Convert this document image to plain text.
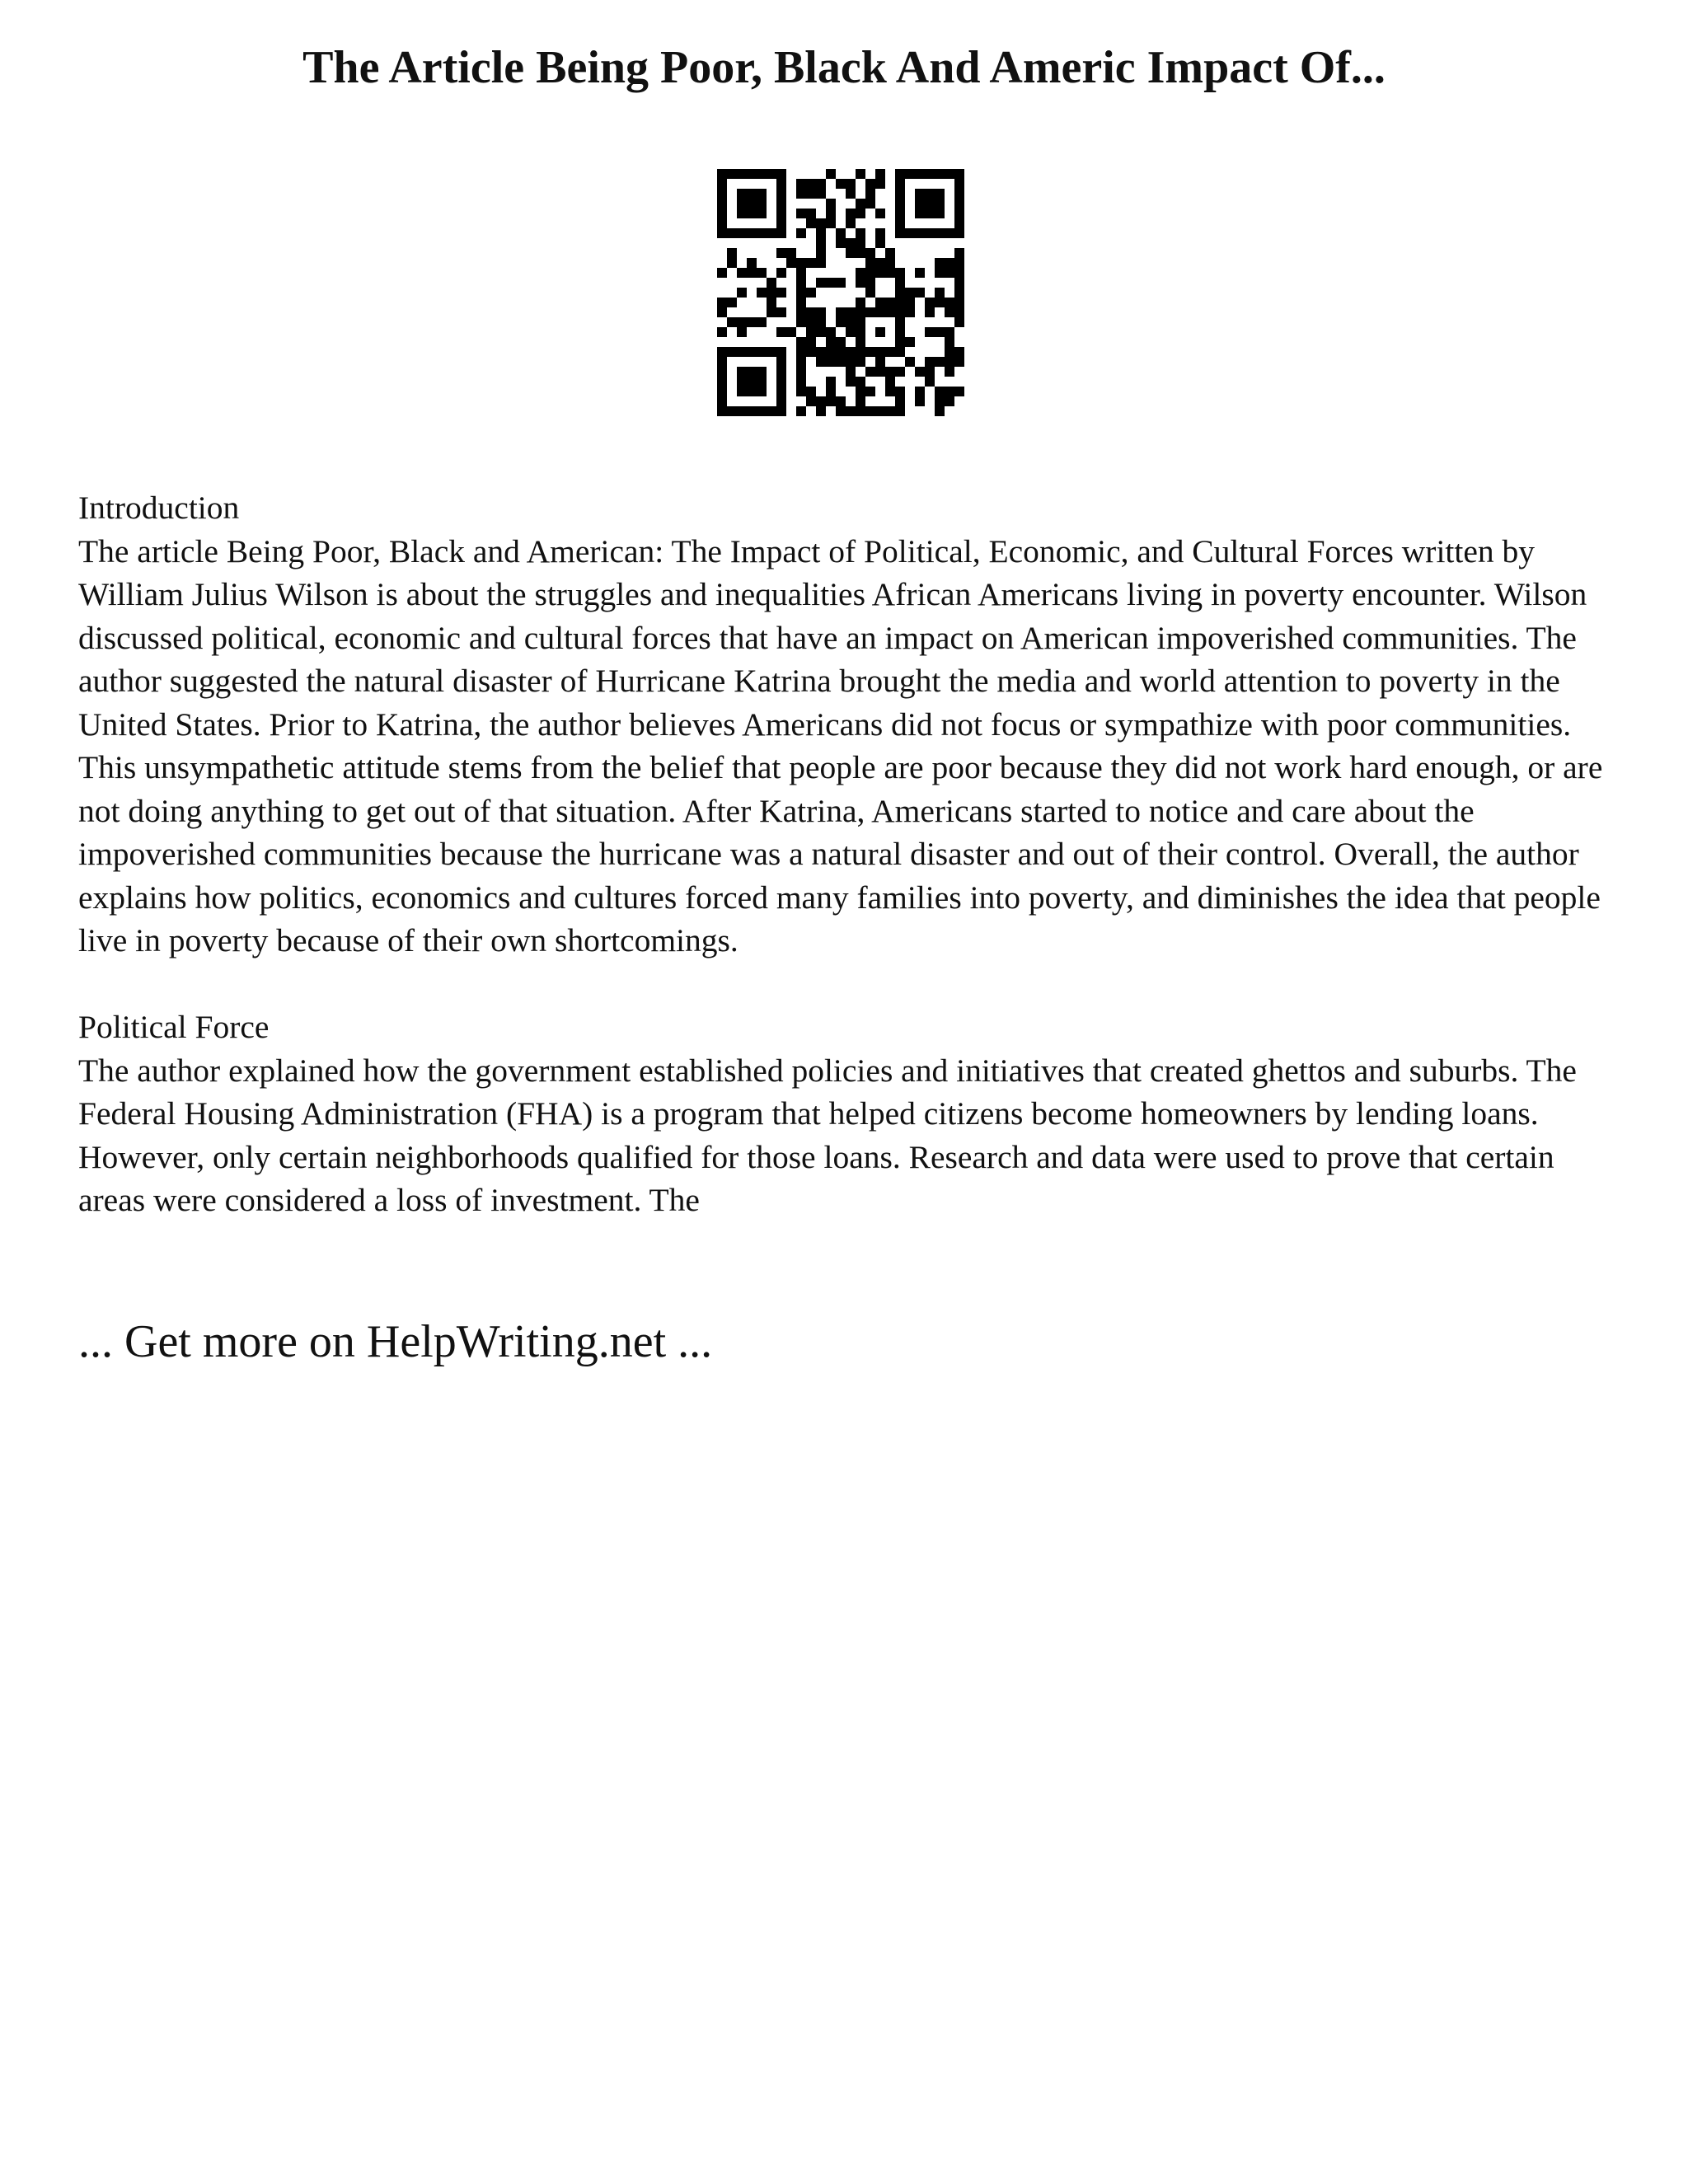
The Article Being Poor, Black And Americ Impact Of...
Introduction

The article Being Poor, Black and American: The Impact of Political, Economic, and Cultural Forces written by William Julius Wilson is about the struggles and inequalities African Americans living in poverty encounter. Wilson discussed political, economic and cultural forces that have an impact on American impoverished communities. The author suggested the natural disaster of Hurricane Katrina brought the media and world attention to poverty in the United States. Prior to Katrina, the author believes Americans did not focus or sympathize with poor communities. This unsympathetic attitude stems from the belief that people are poor because they did not work hard enough, or are not doing anything to get out of that situation. After Katrina, Americans started to notice and care about the impoverished communities because the hurricane was a natural disaster and out of their control. Overall, the author explains how politics, economics and cultures forced many families into poverty, and diminishes the idea that people live in poverty because of their own shortcomings.

Political Force

The author explained how the government established policies and initiatives that created ghettos and suburbs. The Federal Housing Administration (FHA) is a program that helped citizens become homeowners by lending loans. However, only certain neighborhoods qualified for those loans. Research and data were used to prove that certain areas were considered a loss of investment. The

... Get more on HelpWriting.net ...
